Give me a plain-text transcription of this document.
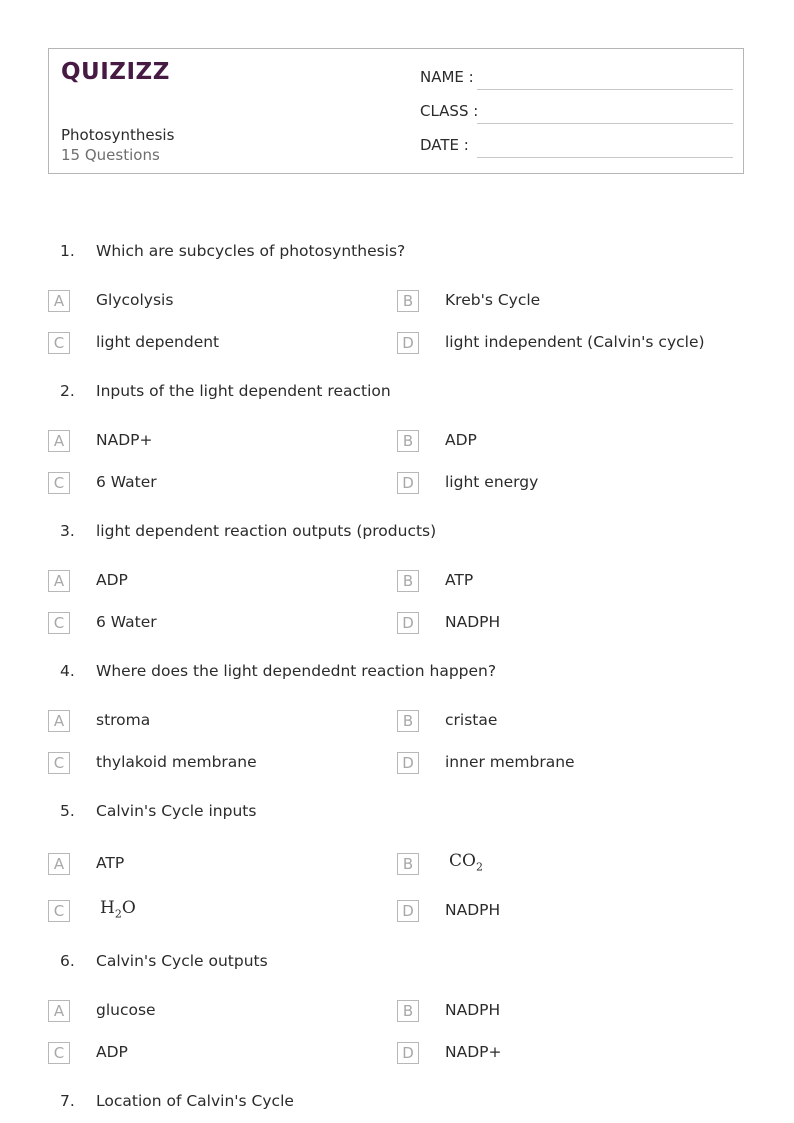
QUIZIZZ
Photosynthesis
15 Questions
NAME :
CLASS :
DATE :
1. Which are subcycles of photosynthesis?
A	Glycolysis	B	Kreb's Cycle
C	light dependent	D	light independent (Calvin's cycle)
2. Inputs of the light dependent reaction
A	NADP+	B	ADP
C	6 Water	D	light energy
3. light dependent reaction outputs (products)
A	ADP	B	ATP
C	6 Water	D	NADPH
4. Where does the light dependednt reaction happen?
A	stroma	B	cristae
C	thylakoid membrane	D	inner membrane
5. Calvin's Cycle inputs
A	ATP	B	$CO_2$
C	$H_2O$	D	NADPH
6. Calvin's Cycle outputs
A	glucose	B	NADPH
C	ADP	D	NADP+
7. Location of Calvin's Cycle
